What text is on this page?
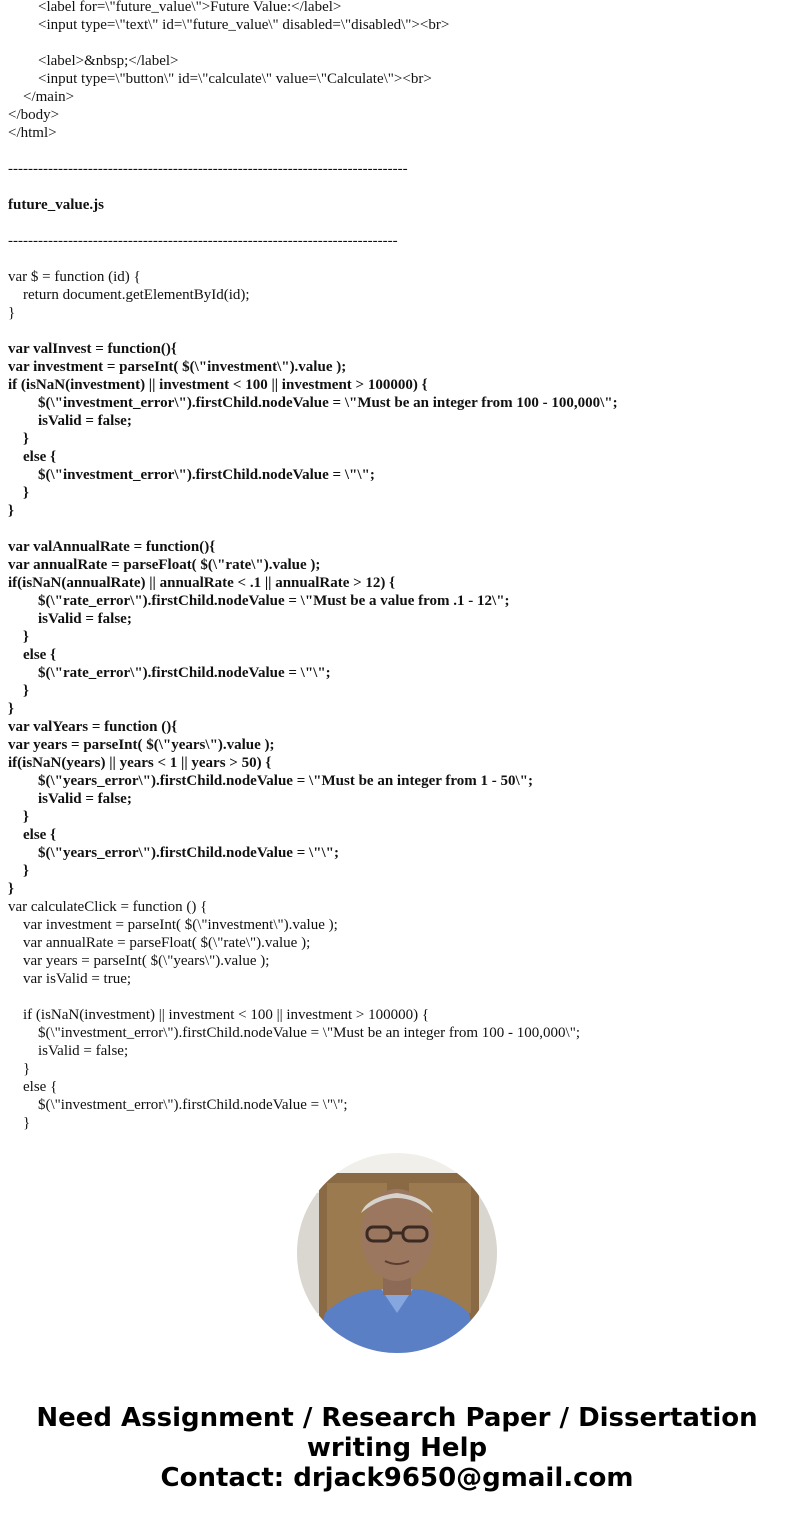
<label for=\"future_value\">Future Value:</label>
<input type=\"text\" id=\"future_value\" disabled=\"disabled\"><br>
<label>&nbsp;</label>
<input type=\"button\" id=\"calculate\" value=\"Calculate\"><br>
</main>
</body>
</html>
--------------------------------------------------------------------------------
future_value.js
------------------------------------------------------------------------------
var $ = function (id) {
return document.getElementById(id);
}
var valInvest = function(){
var investment = parseInt( $(\"investment\").value );
if (isNaN(investment) || investment < 100 || investment > 100000) {
$(\"investment_error\").firstChild.nodeValue = \"Must be an integer from 100 - 100,000\";
isValid = false;
}
else {
$(\"investment_error\").firstChild.nodeValue = \"\";
}
}
var valAnnualRate = function(){
var annualRate = parseFloat( $(\"rate\").value );
if(isNaN(annualRate) || annualRate < .1 || annualRate > 12) {
$(\"rate_error\").firstChild.nodeValue = \"Must be a value from .1 - 12\";
isValid = false;
}
else {
$(\"rate_error\").firstChild.nodeValue = \"\";
}
}
var valYears = function (){
var years = parseInt( $(\"years\").value );
if(isNaN(years) || years < 1 || years > 50) {
$(\"years_error\").firstChild.nodeValue = \"Must be an integer from 1 - 50\";
isValid = false;
}
else {
$(\"years_error\").firstChild.nodeValue = \"\";
}
}
var calculateClick = function () {
var investment = parseInt( $(\"investment\").value );
var annualRate = parseFloat( $(\"rate\").value );
var years = parseInt( $(\"years\").value );
var isValid = true;
if (isNaN(investment) || investment < 100 || investment > 100000) {
$(\"investment_error\").firstChild.nodeValue = \"Must be an integer from 100 - 100,000\";
isValid = false;
}
else {
$(\"investment_error\").firstChild.nodeValue = \"\";
}
Need Assignment / Research Paper / Dissertation
writing Help
Contact: drjack9650@gmail.com
